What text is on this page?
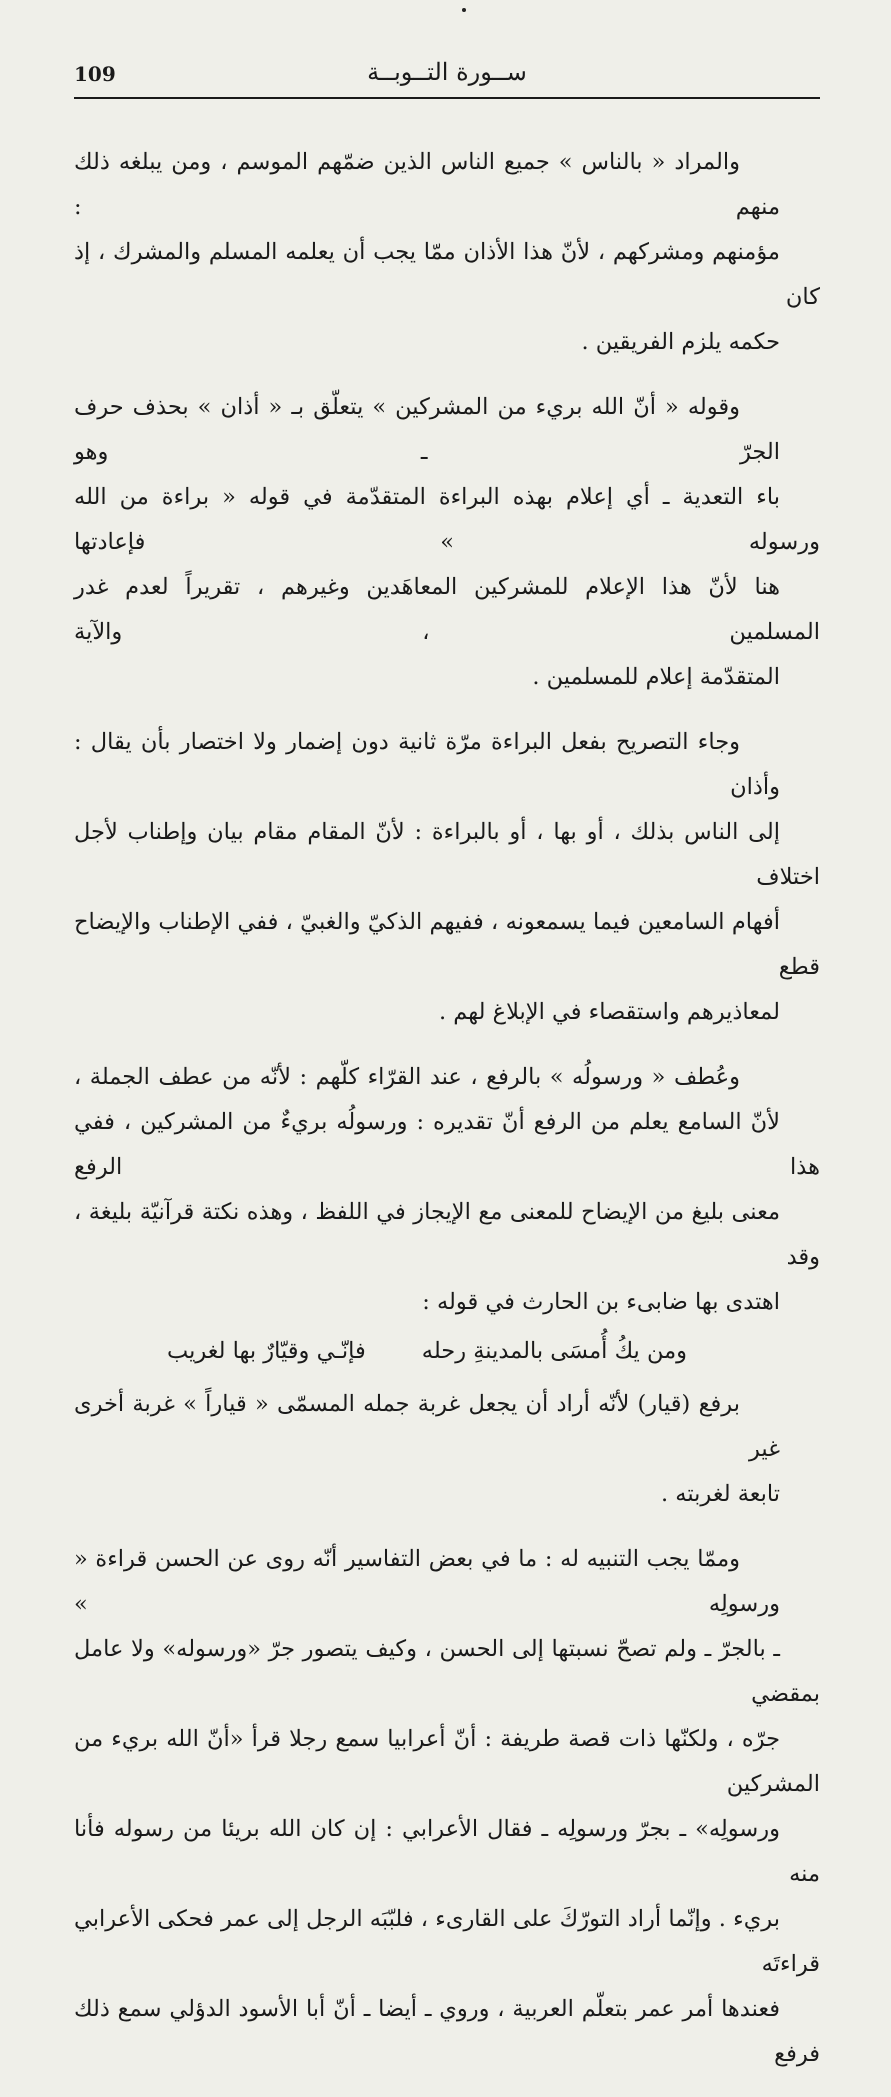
109	ســورة التــوبــة

والمراد « بالناس » جميع الناس الذين ضمّهم الموسم ، ومن يبلغه ذلك منهم :
مؤمنهم ومشركهم ، لأنّ هذا الأذان ممّا يجب أن يعلمه المسلم والمشرك ، إذ كان
حكمه يلزم الفريقين .

وقوله « أنّ الله بريء من المشركين » يتعلّق بـ « أذان » بحذف حرف الجرّ ـ وهو
باء التعدية ـ أي إعلام بهذه البراءة المتقدّمة في قوله « براءة من الله ورسوله » فإعادتها
هنا لأنّ هذا الإعلام للمشركين المعاهَدين وغيرهم ، تقريراً لعدم غدر المسلمين ، والآية
المتقدّمة إعلام للمسلمين .

وجاء التصريح بفعل البراءة مرّة ثانية دون إضمار ولا اختصار بأن يقال : وأذان
إلى الناس بذلك ، أو بها ، أو بالبراءة : لأنّ المقام مقام بيان وإطناب لأجل اختلاف
أفهام السامعين فيما يسمعونه ، ففيهم الذكيّ والغبيّ ، ففي الإطناب والإيضاح قطع
لمعاذيرهم واستقصاء في الإبلاغ لهم .

وعُطف « ورسولُه » بالرفع ، عند القرّاء كلّهم : لأنّه من عطف الجملة ،
لأنّ السامع يعلم من الرفع أنّ تقديره : ورسولُه بريءٌ من المشركين ، ففي هذا الرفع
معنى بليغ من الإيضاح للمعنى مع الإيجاز في اللفظ ، وهذه نكتة قرآنيّة بليغة ، وقد
اهتدى بها ضابىء بن الحارث في قوله :

ومن يكُ أُمسَى بالمدينةِ رحله
فإنّـي وقيّارٌ بها لغريب

برفع (قيار) لأنّه أراد أن يجعل غربة جمله المسمّى « قياراً » غربة أخرى غير
تابعة لغربته .

وممّا يجب التنبيه له : ما في بعض التفاسير أنّه روى عن الحسن قراءة « ورسولِه »
ـ بالجرّ ـ ولم تصحّ نسبتها إلى الحسن ، وكيف يتصور جرّ «ورسوله» ولا عامل بمقضي
جرّه ، ولكنّها ذات قصة طريفة : أنّ أعرابيا سمع رجلا قرأ «أنّ الله بريء من المشركين
ورسولِه» ـ بجرّ ورسولِه ـ فقال الأعرابي : إن كان الله بريئا من رسوله فأنا منه
بريء . وإنّما أراد التورّكَ على القارىء ، فلبّبَه الرجل إلى عمر فحكى الأعرابي قراءتَه
فعندها أمر عمر بتعلّم العربية ، وروي ـ أيضا ـ أنّ أبا الأسود الدؤلي سمع ذلك فرفع
